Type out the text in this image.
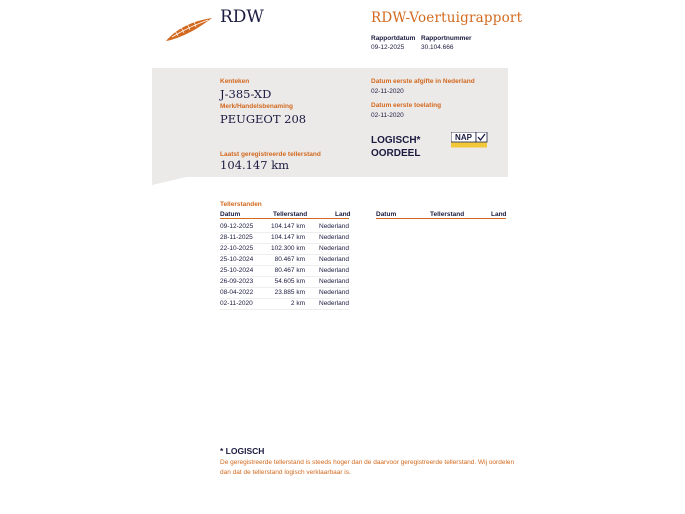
RDW	RDW-Voertuigrapport
Rapportdatum
09-12-2025
Rapportnummer
30.104.666
Kenteken
J-385-XD
Merk/Handelsbenaming
PEUGEOT 208
Laatst geregistreerde tellerstand
104.147 km
Datum eerste afgifte in Nederland
02-11-2020
Datum eerste toelating
02-11-2020
LOGISCH*
OORDEEL
NAP
Tellerstanden
Datum	Tellerstand	Land	Datum	Tellerstand	Land
09-12-2025	104.147 km Nederland
28-11-2025	104.147 km Nederland
22-10-2025	102.300 km Nederland
25-10-2024	80.467 km Nederland
25-10-2024	80.467 km Nederland
26-09-2023	54.605 km Nederland
08-04-2022	23.885 km Nederland
02-11-2020	2 km Nederland
* LOGISCH
De geregistreerde tellerstand is steeds hoger dan de daarvoor geregistreerde tellerstand. Wij oordelen dan dat de tellerstand logisch verklaarbaar is.
